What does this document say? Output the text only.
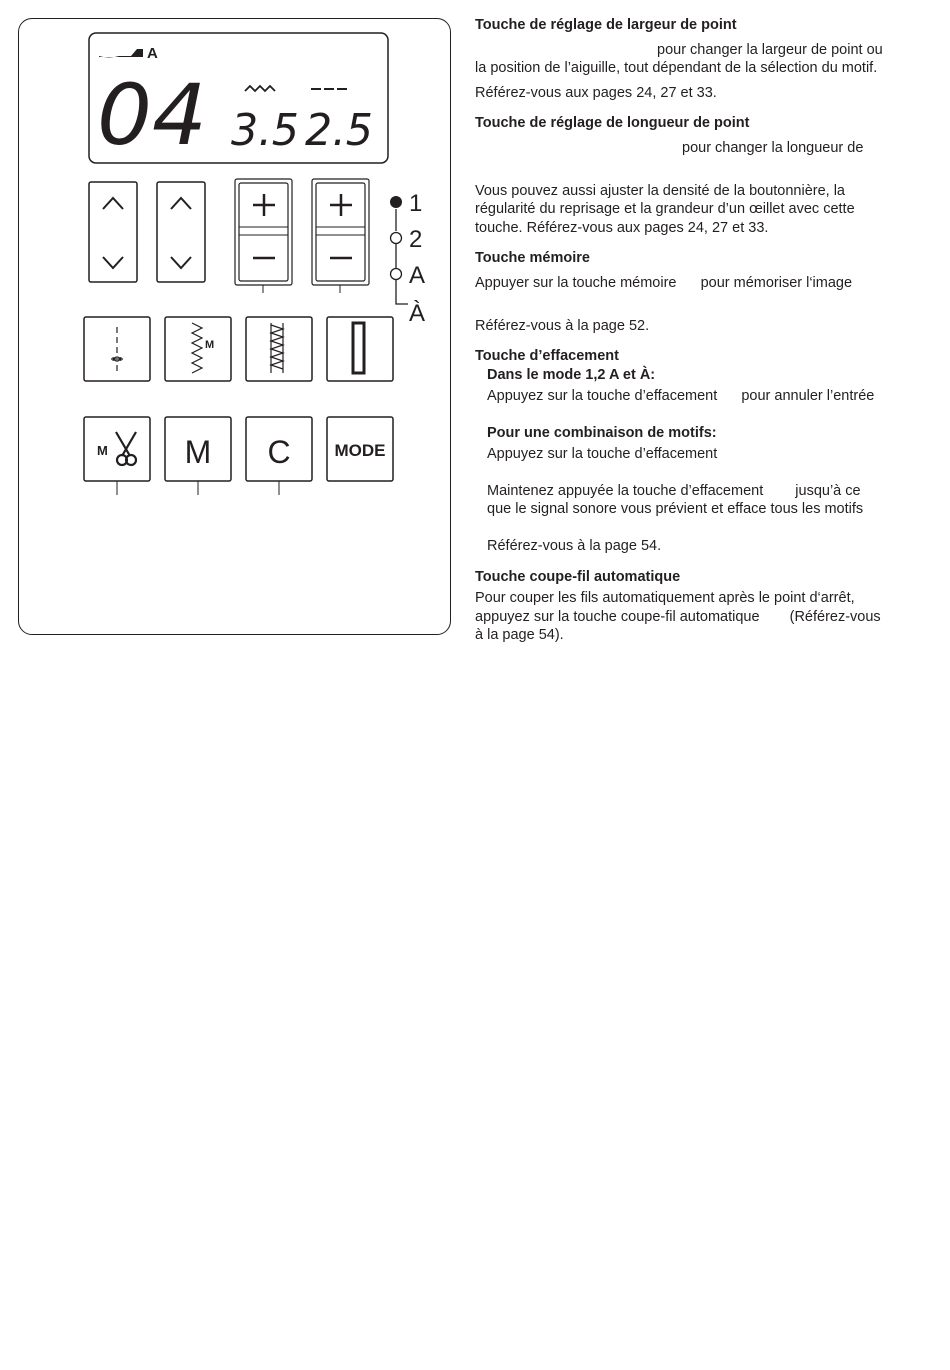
A
04 3.5 2.5
1
2
A
À
M
M M C	MODE

Touche de réglage de largeur de point

pour changer la largeur de point ou

la position de l’aiguille, tout dépendant de la sélection du motif.

Référez-vous aux pages 24, 27 et 33.

Touche de réglage de longueur de point

pour changer la longueur de

Vous pouvez aussi ajuster la densité de la boutonnière, la

régularité du reprisage et la grandeur d’un œillet avec cette

touche. Référez-vous aux pages 24, 27 et 33.

Touche mémoire

Appuyer sur la touche mémoire pour mémoriser l‘image

Référez-vous à la page 52.

Touche d’effacement

Dans le mode 1,2 A et À:

Appuyez sur la touche d’effacement pour annuler l’entrée

Pour une combinaison de motifs:

Appuyez sur la touche d’effacement

Maintenez appuyée la touche d’effacement jusqu’à ce

que le signal sonore vous prévient et efface tous les motifs

Référez-vous à la page 54.

Touche coupe-fil automatique

Pour couper les fils automatiquement après le point d‘arrêt,

appuyez sur la touche coupe-fil automatique (Référez-vous

à la page 54).
